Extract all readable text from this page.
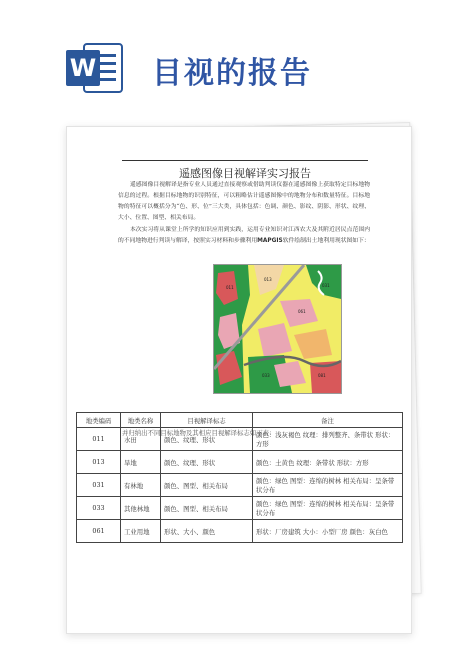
W 目视的报告
遥感图像目视解译实习报告
遥感图像目视解译是指专业人员通过直接观察或借助判读仪器在遥感图像上获取特定目标地物信息的过程。根据目标地物的识别特征，可以粗略估计遥感图像中的地物分布和数量特征。目标地物的特征可以概括分为“色、形、位”三大类，具体包括：色调、颜色、影纹、阴影、形状、纹理、大小、位置、图型、相关布局。
本次实习将从课堂上所学的知识应用到实践，运用专业知识对江西农大及其附近居民点范围内的不同地物进行判读与解译，按照实习材料和步骤利用MAPGIS软件绘制出土地利用现状图如下：
011
013
031
033
061
081
地类编码	地类名称	目视解译标志	备注
011	水田	颜色、纹理、形状	颜色：浅灰褐色 纹理：排列整齐、条带状 形状：方形
013	旱地	颜色、纹理、形状	颜色：土黄色 纹理：条带状 形状：方形
031	有林地	颜色、图型、相关布局	颜色：绿色 图型：连绵的树林 相关布局：呈条带状分布
033	其他林地	颜色、图型、相关布局	颜色：绿色 图型：连绵的树林 相关布局：呈条带状分布
061	工业用地	形状、大小、颜色	形状：厂房建筑 大小：小型厂房 颜色：灰白色
并归纳出不同目标地物及其相应目视解译标志如下表：
